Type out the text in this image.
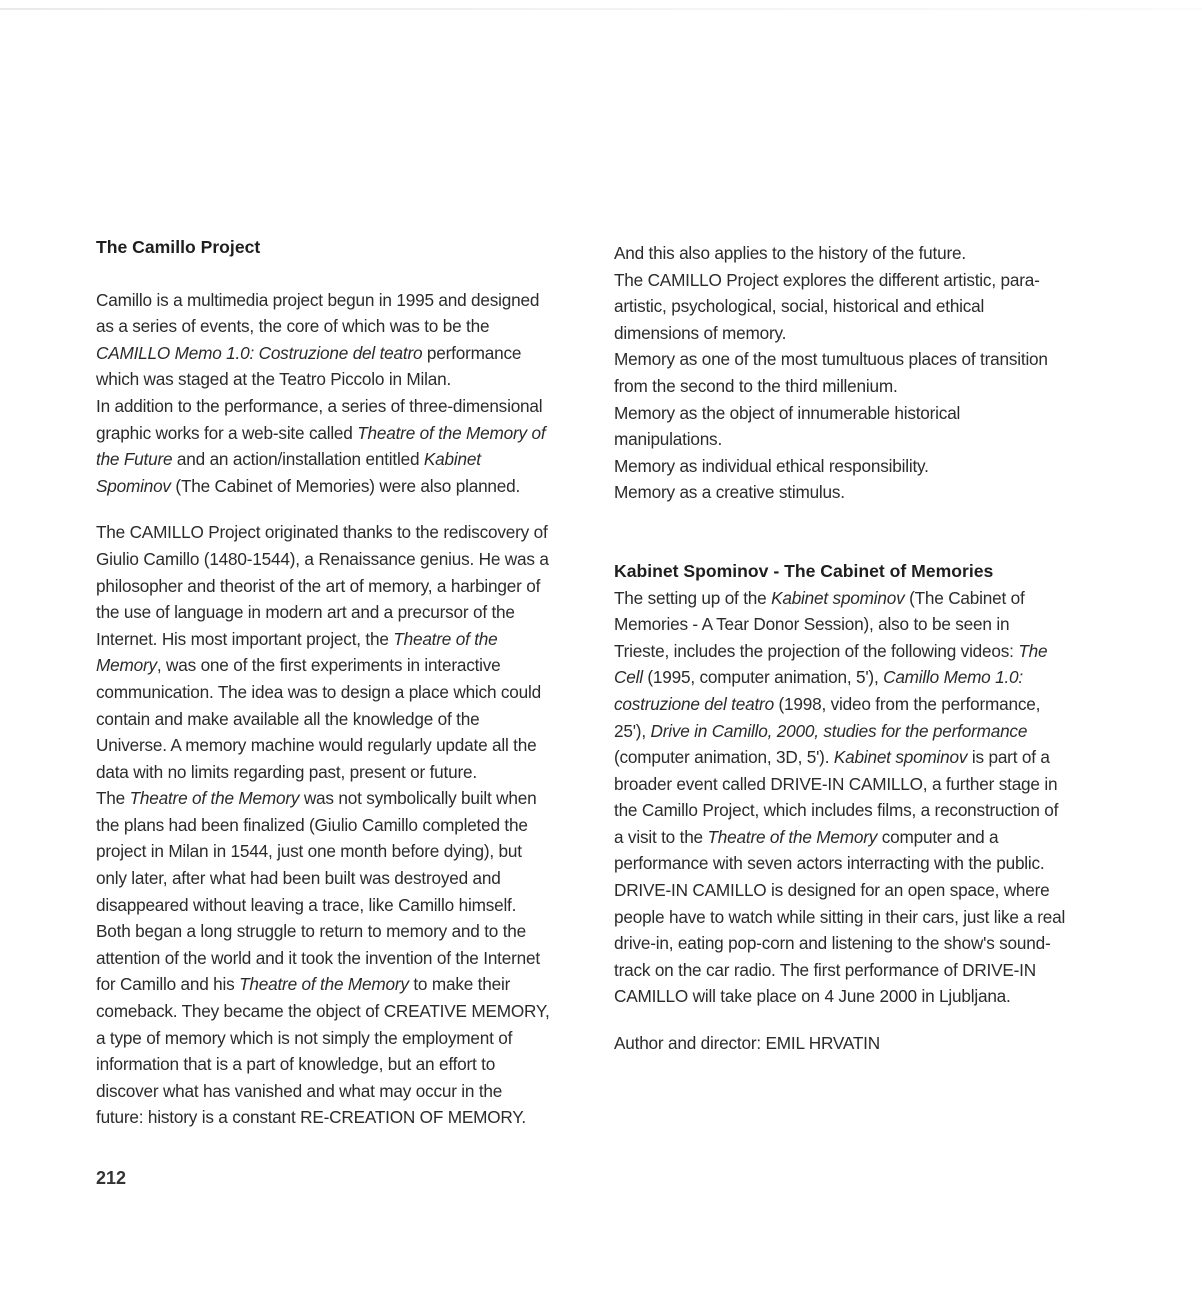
The Camillo Project

Camillo is a multimedia project begun in 1995 and designed
as a series of events, the core of which was to be the
CAMILLO Memo 1.0: Costruzione del teatro performance
which was staged at the Teatro Piccolo in Milan.
In addition to the performance, a series of three-dimensional
graphic works for a web-site called Theatre of the Memory of
the Future and an action/installation entitled Kabinet
Spominov (The Cabinet of Memories) were also planned.

The CAMILLO Project originated thanks to the rediscovery of
Giulio Camillo (1480-1544), a Renaissance genius. He was a
philosopher and theorist of the art of memory, a harbinger of
the use of language in modern art and a precursor of the
Internet. His most important project, the Theatre of the
Memory, was one of the first experiments in interactive
communication. The idea was to design a place which could
contain and make available all the knowledge of the
Universe. A memory machine would regularly update all the
data with no limits regarding past, present or future.
The Theatre of the Memory was not symbolically built when
the plans had been finalized (Giulio Camillo completed the
project in Milan in 1544, just one month before dying), but
only later, after what had been built was destroyed and
disappeared without leaving a trace, like Camillo himself.
Both began a long struggle to return to memory and to the
attention of the world and it took the invention of the Internet
for Camillo and his Theatre of the Memory to make their
comeback. They became the object of CREATIVE MEMORY,
a type of memory which is not simply the employment of
information that is a part of knowledge, but an effort to
discover what has vanished and what may occur in the
future: history is a constant RE-CREATION OF MEMORY.

And this also applies to the history of the future.
The CAMILLO Project explores the different artistic, para-
artistic, psychological, social, historical and ethical
dimensions of memory.
Memory as one of the most tumultuous places of transition
from the second to the third millenium.
Memory as the object of innumerable historical
manipulations.
Memory as individual ethical responsibility.
Memory as a creative stimulus.

Kabinet Spominov - The Cabinet of Memories

The setting up of the Kabinet spominov (The Cabinet of
Memories - A Tear Donor Session), also to be seen in
Trieste, includes the projection of the following videos: The
Cell (1995, computer animation, 5'), Camillo Memo 1.0:
costruzione del teatro (1998, video from the performance,
25'), Drive in Camillo, 2000, studies for the performance
(computer animation, 3D, 5'). Kabinet spominov is part of a
broader event called DRIVE-IN CAMILLO, a further stage in
the Camillo Project, which includes films, a reconstruction of
a visit to the Theatre of the Memory computer and a
performance with seven actors interracting with the public.
DRIVE-IN CAMILLO is designed for an open space, where
people have to watch while sitting in their cars, just like a real
drive-in, eating pop-corn and listening to the show's sound-
track on the car radio. The first performance of DRIVE-IN
CAMILLO will take place on 4 June 2000 in Ljubljana.

Author and director: EMIL HRVATIN

212
